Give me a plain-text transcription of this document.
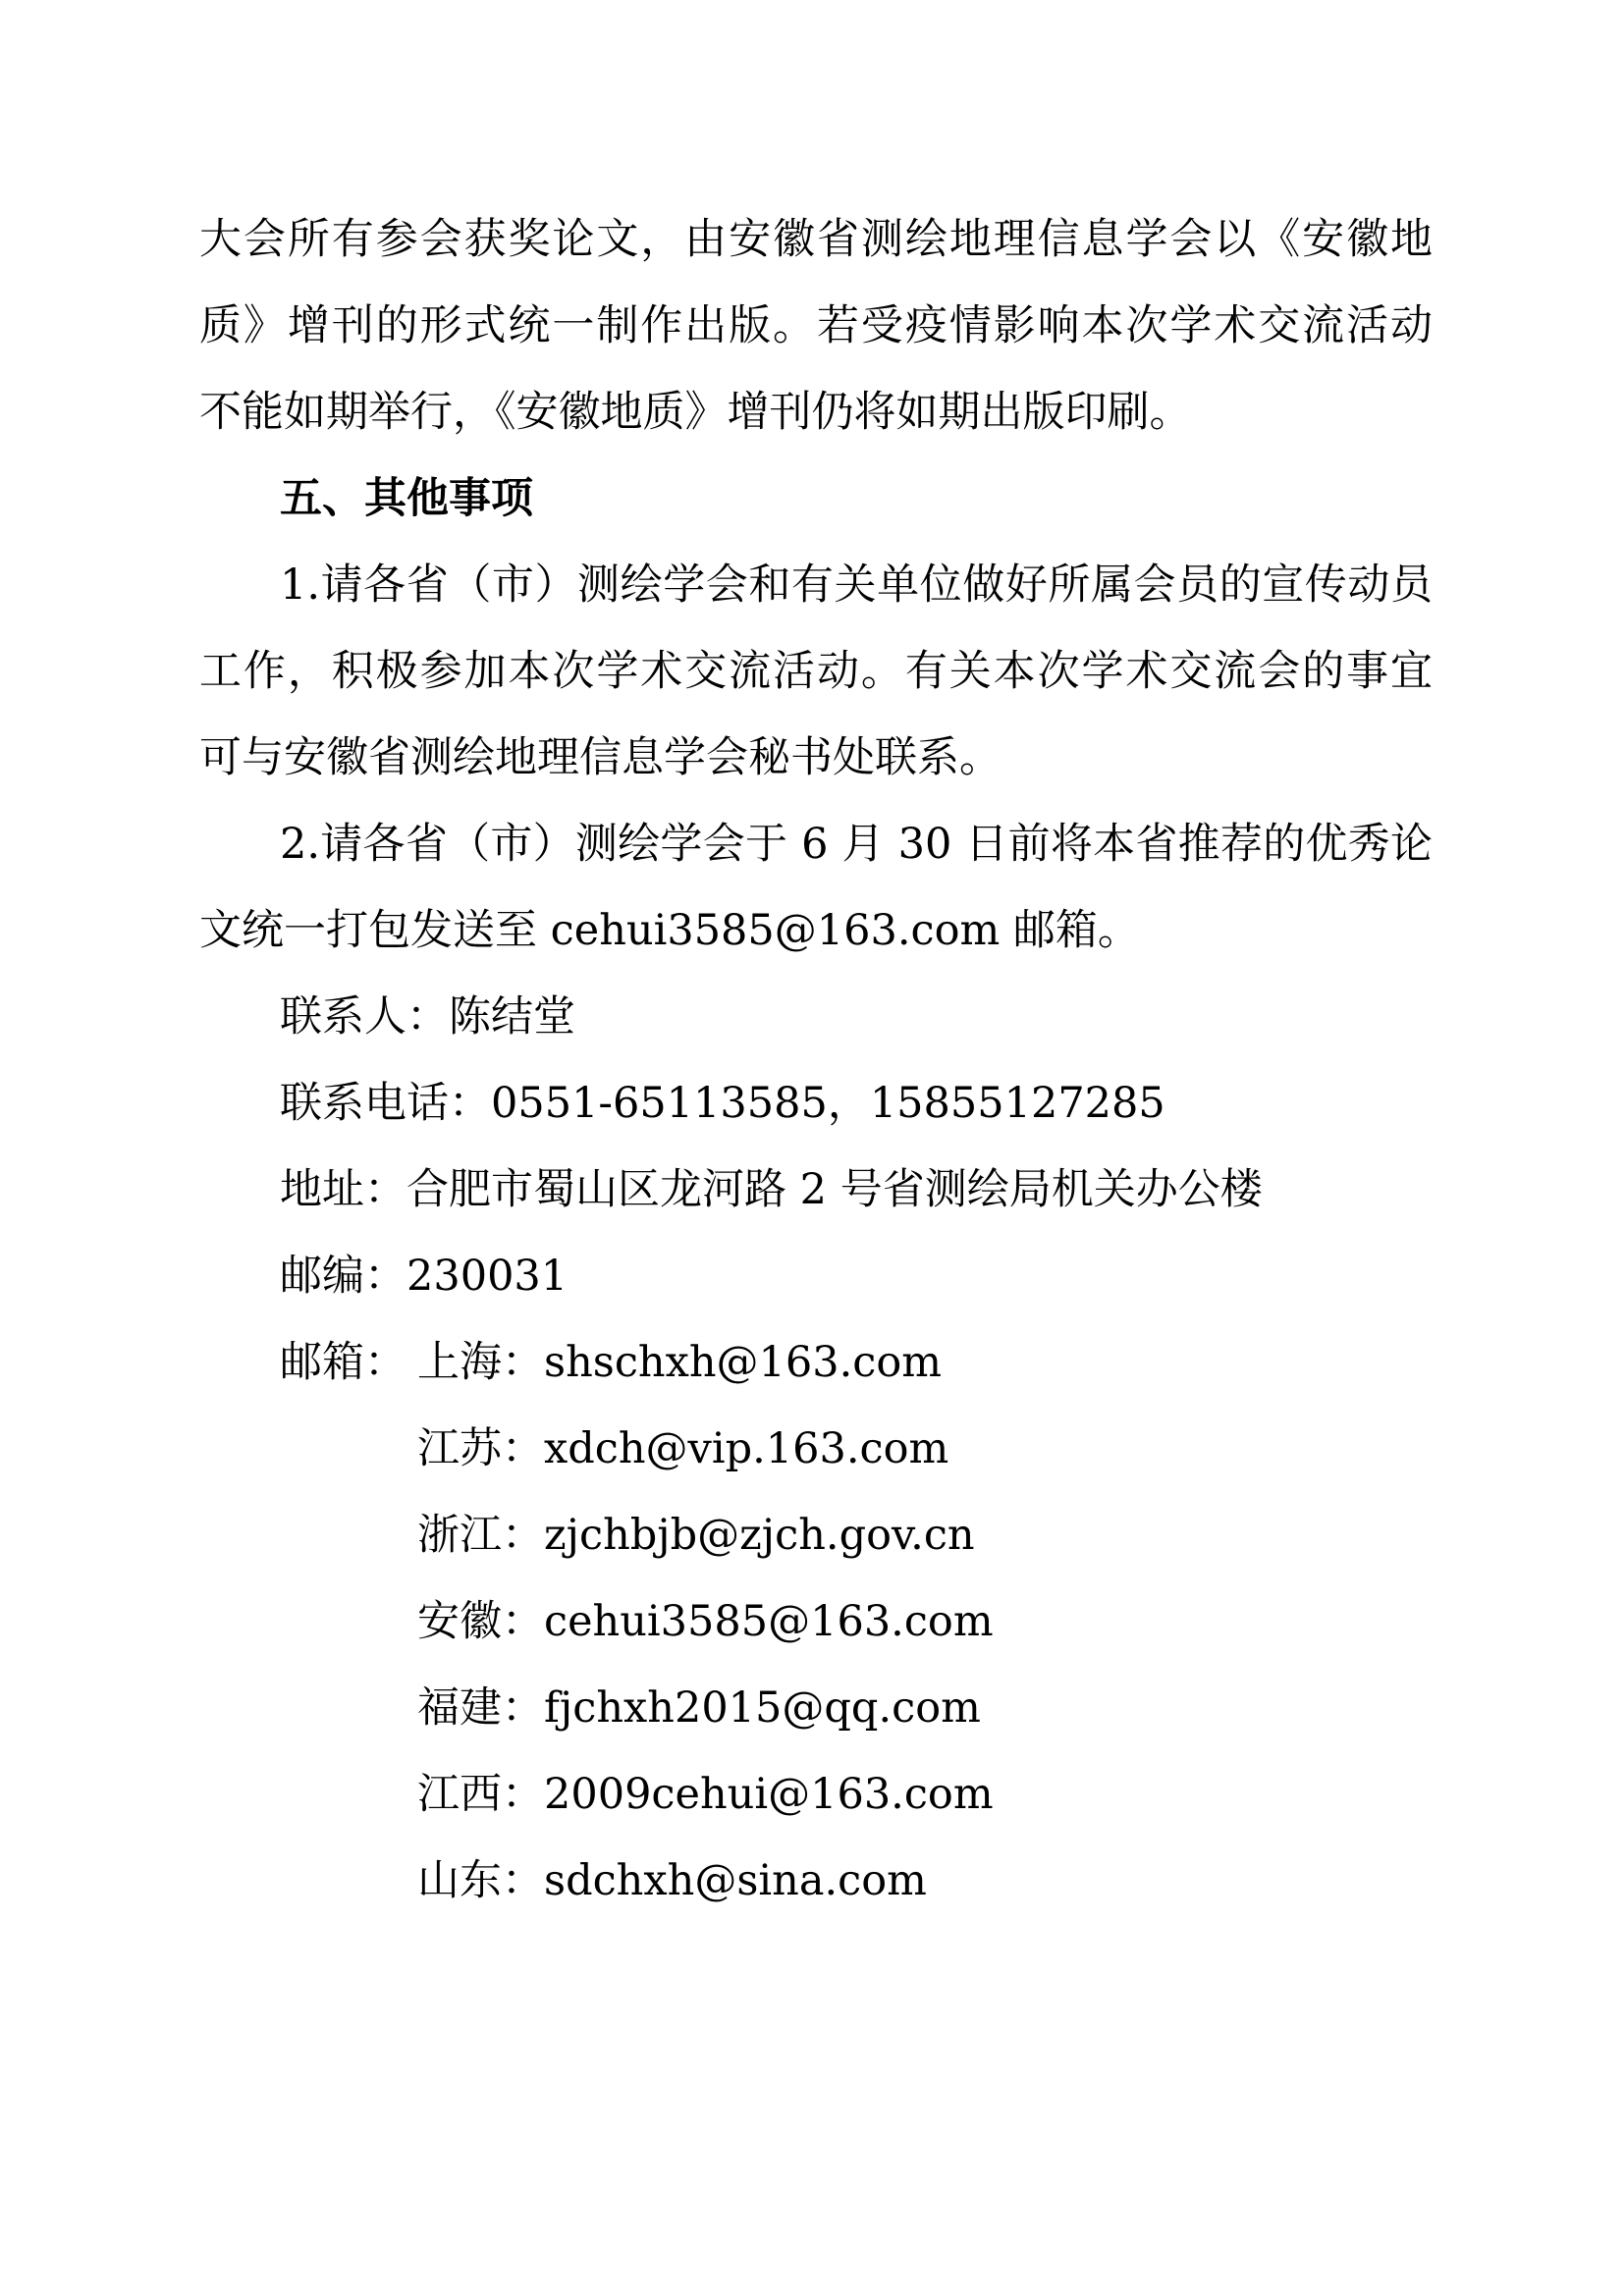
大会所有参会获奖论文，由安徽省测绘地理信息学会以《安徽地
质》增刊的形式统一制作出版。若受疫情影响本次学术交流活动
不能如期举行，《安徽地质》增刊仍将如期出版印刷。
五、其他事项
1.请各省（市）测绘学会和有关单位做好所属会员的宣传动员
工作，积极参加本次学术交流活动。有关本次学术交流会的事宜
可与安徽省测绘地理信息学会秘书处联系。
2.请各省（市）测绘学会于 6 月 30 日前将本省推荐的优秀论
文统一打包发送至 cehui3585@163.com 邮箱。
联系人：陈结堂
联系电话：0551-65113585，15855127285
地址：合肥市蜀山区龙河路 2 号省测绘局机关办公楼
邮编：230031
邮箱： 上海：shschxh@163.com
江苏：xdch@vip.163.com
浙江：zjchbjb@zjch.gov.cn
安徽：cehui3585@163.com
福建：fjchxh2015@qq.com
江西：2009cehui@163.com
山东：sdchxh@sina.com
